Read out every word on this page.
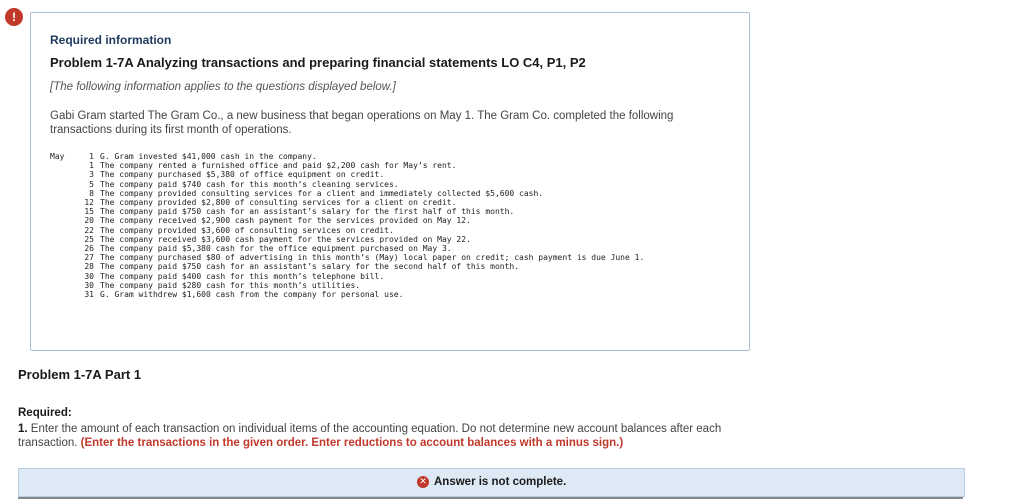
!
Required information
Problem 1-7A Analyzing transactions and preparing financial statements LO C4, P1, P2
[The following information applies to the questions displayed below.]
Gabi Gram started The Gram Co., a new business that began operations on May 1. The Gram Co. completed the following transactions during its first month of operations.
May	1	G. Gram invested $41,000 cash in the company.
	1	The company rented a furnished office and paid $2,200 cash for May’s rent.
	3	The company purchased $5,380 of office equipment on credit.
	5	The company paid $740 cash for this month’s cleaning services.
	8	The company provided consulting services for a client and immediately collected $5,600 cash.
	12	The company provided $2,800 of consulting services for a client on credit.
	15	The company paid $750 cash for an assistant’s salary for the first half of this month.
	20	The company received $2,900 cash payment for the services provided on May 12.
	22	The company provided $3,600 of consulting services on credit.
	25	The company received $3,600 cash payment for the services provided on May 22.
	26	The company paid $5,380 cash for the office equipment purchased on May 3.
	27	The company purchased $80 of advertising in this month’s (May) local paper on credit; cash payment is due June 1.
	28	The company paid $750 cash for an assistant’s salary for the second half of this month.
	30	The company paid $400 cash for this month’s telephone bill.
	30	The company paid $280 cash for this month’s utilities.
	31	G. Gram withdrew $1,600 cash from the company for personal use.
Problem 1-7A Part 1
Required:
1. Enter the amount of each transaction on individual items of the accounting equation. Do not determine new account balances after each transaction. (Enter the transactions in the given order. Enter reductions to account balances with a minus sign.)
✕ Answer is not complete.
